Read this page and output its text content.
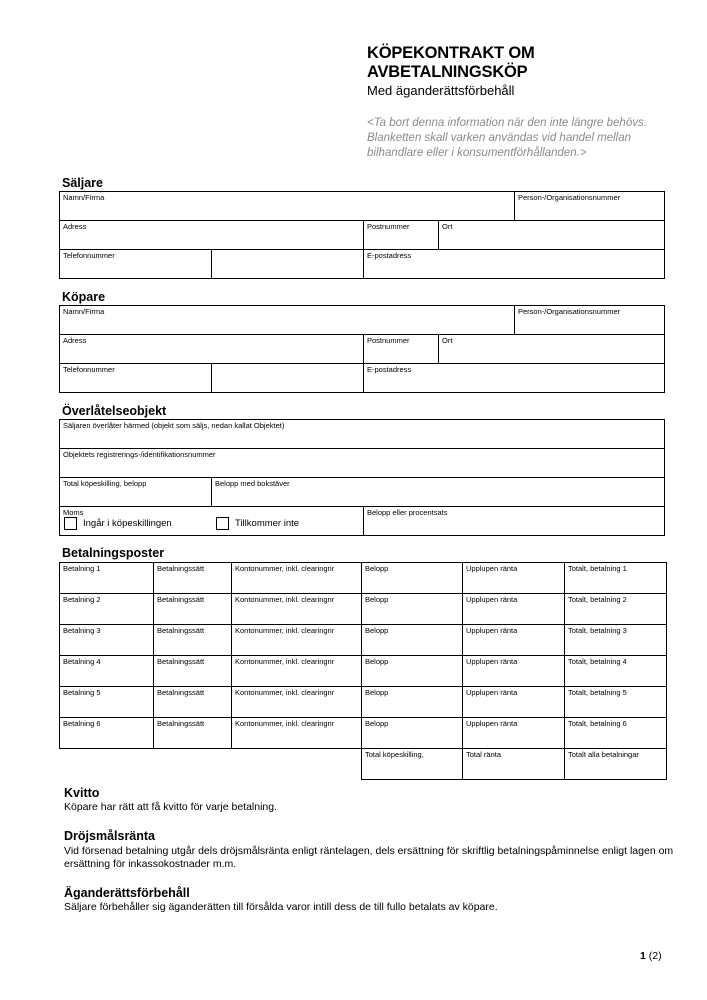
KÖPEKONTRAKT OM
AVBETALNINGSKÖP
Med äganderättsförbehåll
<Ta bort denna information när den inte längre behövs. Blanketten skall varken användas vid handel mellan bilhandlare eller i konsumentförhållanden.>
Säljare
Namn/Firma	Person-/Organisationsnummer
Adress	Postnummer	Ort
Telefonnummer	E-postadress
Köpare
Namn/Firma	Person-/Organisationsnummer
Adress	Postnummer	Ort
Telefonnummer	E-postadress
Överlåtelseobjekt
Säljaren överlåter härmed (objekt som säljs, nedan kallat Objektet)
Objektets registrerings-/identifikationsnummer
Total köpeskilling, belopp	Belopp med bokstäver
Moms	Belopp eller procentsats
Ingår i köpeskillingen	Tillkommer inte
Betalningsposter
Betalning 1	Betalningssätt	Kontonummer, inkl. clearingnr	Belopp	Upplupen ränta	Totalt, betalning 1
Betalning 2	Betalningssätt	Kontonummer, inkl. clearingnr	Belopp	Upplupen ränta	Totalt, betalning 2
Betalning 3	Betalningssätt	Kontonummer, inkl. clearingnr	Belopp	Upplupen ränta	Totalt, betalning 3
Betalning 4	Betalningssätt	Kontonummer, inkl. clearingnr	Belopp	Upplupen ränta	Totalt, betalning 4
Betalning 5	Betalningssätt	Kontonummer, inkl. clearingnr	Belopp	Upplupen ränta	Totalt, betalning 5
Betalning 6	Betalningssätt	Kontonummer, inkl. clearingnr	Belopp	Upplupen ränta	Totalt, betalning 6
			Total köpeskilling,	Total ränta	Totalt alla betalningar
Kvitto
Köpare har rätt att få kvitto för varje betalning.
Dröjsmålsränta
Vid försenad betalning utgår dels dröjsmålsränta enligt räntelagen, dels ersättning för skriftlig betalningspåminnelse enligt lagen om ersättning för inkassokostnader m.m.
Äganderättsförbehåll
Säljare förbehåller sig äganderätten till försålda varor intill dess de till fullo betalats av köpare.
1 (2)
